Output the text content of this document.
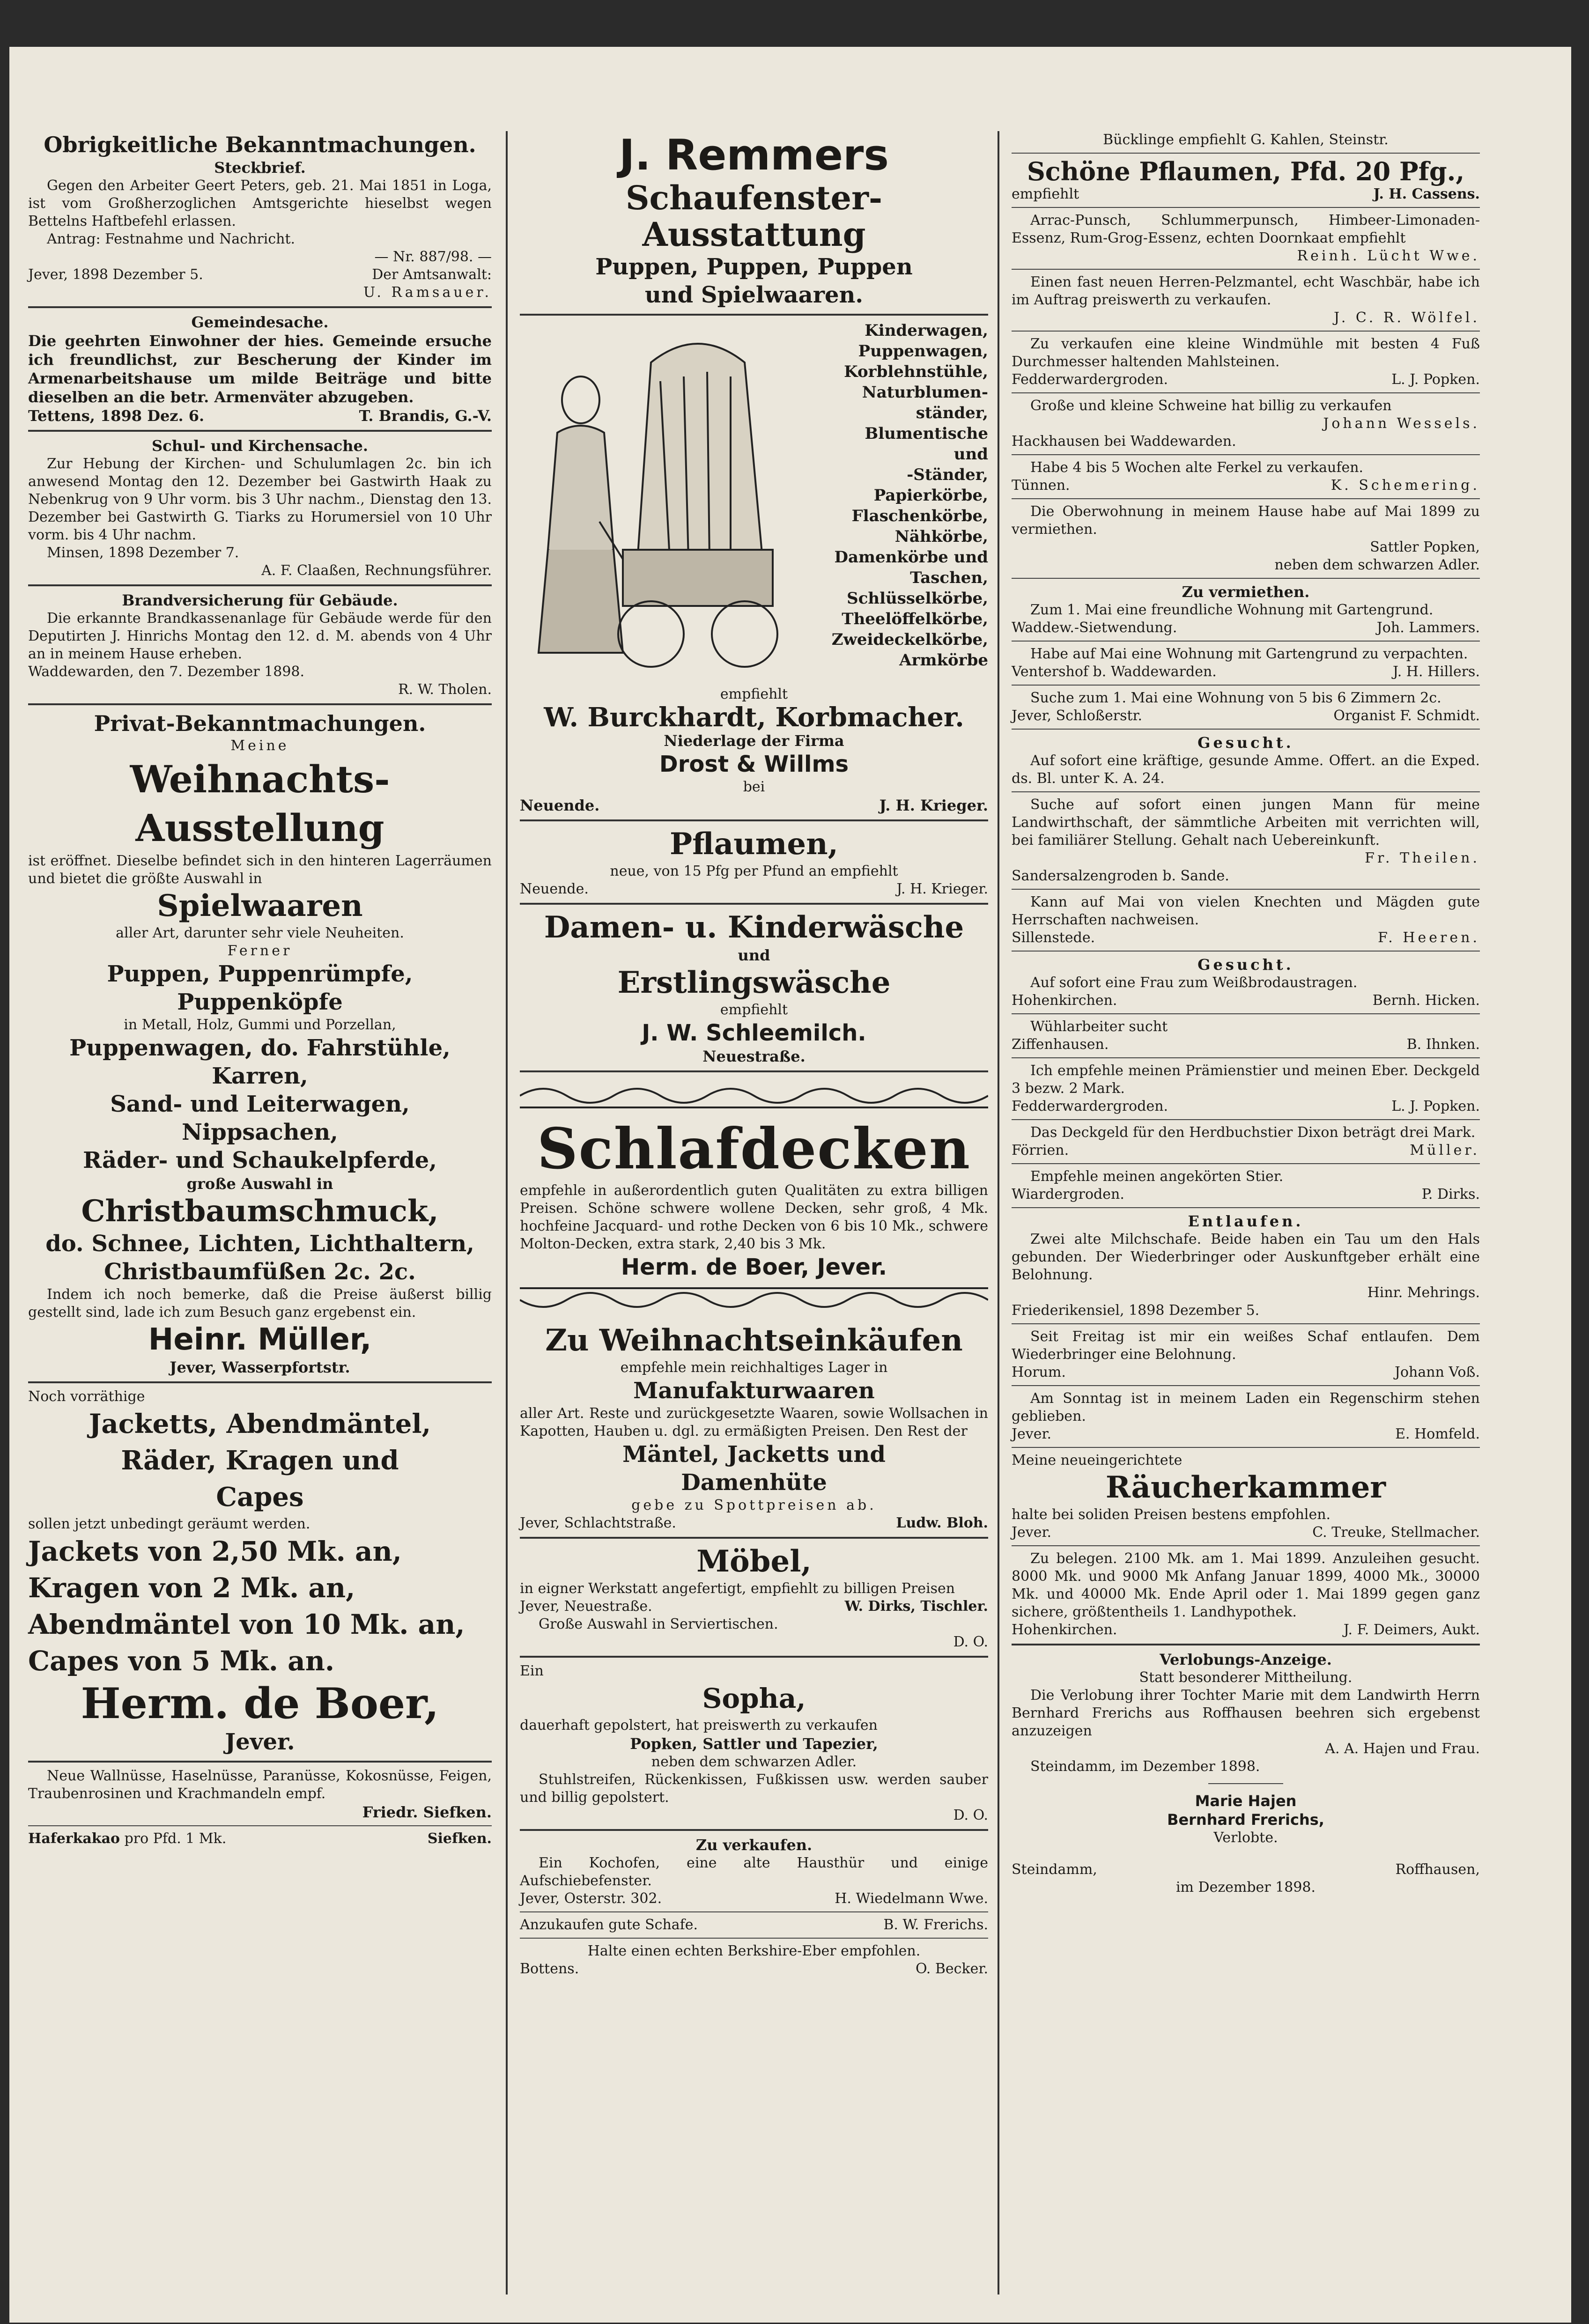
Obrigkeitliche Bekanntmachungen.
Steckbrief.
Gegen den Arbeiter Geert Peters, geb. 21. Mai 1851 in Loga, ist vom Großherzoglichen Amtsgerichte hieselbst wegen Bettelns Haftbefehl erlassen.
Antrag: Festnahme und Nachricht.
— Nr. 887/98. —
Jever, 1898 Dezember 5.	Der Amtsanwalt:
U. Ramsauer.
Gemeindesache.
Die geehrten Einwohner der hies. Gemeinde ersuche ich freundlichst, zur Bescherung der Kinder im Armenarbeitshause um milde Beiträge und bitte dieselben an die betr. Armenväter abzugeben.
Tettens, 1898 Dez. 6.	T. Brandis, G.-V.
Schul- und Kirchensache.
Zur Hebung der Kirchen- und Schulumlagen 2c. bin ich anwesend Montag den 12. Dezember bei Gastwirth Haak zu Nebenkrug von 9 Uhr vorm. bis 3 Uhr nachm., Dienstag den 13. Dezember bei Gastwirth G. Tiarks zu Horumersiel von 10 Uhr vorm. bis 4 Uhr nachm.
Minsen, 1898 Dezember 7.
A. F. Claaßen, Rechnungsführer.
Brandversicherung für Gebäude.
Die erkannte Brandkassenanlage für Gebäude werde für den Deputirten J. Hinrichs Montag den 12. d. M. abends von 4 Uhr an in meinem Hause erheben.
Waddewarden, den 7. Dezember 1898.
R. W. Tholen.
Privat-Bekanntmachungen.
Meine
Weihnachts-Ausstellung
ist eröffnet. Dieselbe befindet sich in den hinteren Lagerräumen und bietet die größte Auswahl in
Spielwaaren
aller Art, darunter sehr viele Neuheiten.
Ferner
Puppen, Puppenrümpfe,
Puppenköpfe
in Metall, Holz, Gummi und Porzellan,
Puppenwagen, do. Fahrstühle, Karren,
Sand- und Leiterwagen,
Nippsachen,
Räder- und Schaukelpferde,
große Auswahl in
Christbaumschmuck,
do. Schnee, Lichten, Lichthaltern,
Christbaumfüßen 2c. 2c.
Indem ich noch bemerke, daß die Preise äußerst billig gestellt sind, lade ich zum Besuch ganz ergebenst ein.
Heinr. Müller,
Jever, Wasserpfortstr.
Noch vorräthige
Jacketts, Abendmäntel,
Räder, Kragen und
Capes
sollen jetzt unbedingt geräumt werden.
Jackets von 2,50 Mk. an,
Kragen von 2 Mk. an,
Abendmäntel von 10 Mk. an,
Capes von 5 Mk. an.
Herm. de Boer,
Jever.
Neue Wallnüsse, Haselnüsse, Paranüsse, Kokosnüsse, Feigen, Traubenrosinen und Krachmandeln empf.
Friedr. Siefken.
Haferkakao pro Pfd. 1 Mk.	Siefken.
J. Remmers
Schaufenster-Ausstattung
Puppen, Puppen, Puppen
und Spielwaaren.
Kinderwagen,
Puppenwagen,
Korblehnstühle,
Naturblumen-
ständer,
Blumentische und
-Ständer,
Papierkörbe,
Flaschenkörbe,
Nähkörbe,
Damenkörbe und
Taschen,
Schlüsselkörbe,
Theelöffelkörbe,
Zweideckelkörbe,
Armkörbe
empfiehlt
W. Burckhardt, Korbmacher.
Niederlage der Firma
Drost & Willms
bei
Neuende.	J. H. Krieger.
Pflaumen,
neue, von 15 Pfg per Pfund an empfiehlt
Neuende.	J. H. Krieger.
Damen- u. Kinderwäsche
und
Erstlingswäsche
empfiehlt
J. W. Schleemilch.
Neuestraße.
Schlafdecken
empfehle in außerordentlich guten Qualitäten zu extra billigen Preisen. Schöne schwere wollene Decken, sehr groß, 4 Mk. hochfeine Jacquard- und rothe Decken von 6 bis 10 Mk., schwere Molton-Decken, extra stark, 2,40 bis 3 Mk.
Herm. de Boer, Jever.
Zu Weihnachtseinkäufen
empfehle mein reichhaltiges Lager in
Manufakturwaaren
aller Art. Reste und zurückgesetzte Waaren, sowie Wollsachen in Kapotten, Hauben u. dgl. zu ermäßigten Preisen. Den Rest der
Mäntel, Jacketts und
Damenhüte
gebe zu Spottpreisen ab.
Jever, Schlachtstraße.	Ludw. Bloh.
Möbel,
in eigner Werkstatt angefertigt, empfiehlt zu billigen Preisen
Jever, Neuestraße.	W. Dirks, Tischler.
Große Auswahl in Serviertischen.
D. O.
Ein
Sopha,
dauerhaft gepolstert, hat preiswerth zu verkaufen
Popken, Sattler und Tapezier,
neben dem schwarzen Adler.
Stuhlstreifen, Rückenkissen, Fußkissen usw. werden sauber und billig gepolstert.
D. O.
Zu verkaufen.
Ein Kochofen, eine alte Hausthür und einige Aufschiebefenster.
Jever, Osterstr. 302.	H. Wiedelmann Wwe.
Anzukaufen gute Schafe.	B. W. Frerichs.
Halte einen echten Berkshire-Eber empfohlen.
Bottens.	O. Becker.
Bücklinge empfiehlt G. Kahlen, Steinstr.
Schöne Pflaumen, Pfd. 20 Pfg.,
empfiehlt	J. H. Cassens.
Arrac-Punsch, Schlummerpunsch, Himbeer-Limonaden-Essenz, Rum-Grog-Essenz, echten Doornkaat empfiehlt
Reinh. Lücht Wwe.
Einen fast neuen Herren-Pelzmantel, echt Waschbär, habe ich im Auftrag preiswerth zu verkaufen.
J. C. R. Wölfel.
Zu verkaufen eine kleine Windmühle mit besten 4 Fuß Durchmesser haltenden Mahlsteinen.
Fedderwardergroden.	L. J. Popken.
Große und kleine Schweine hat billig zu verkaufen
Johann Wessels.
Hackhausen bei Waddewarden.
Habe 4 bis 5 Wochen alte Ferkel zu verkaufen.
Tünnen.	K. Schemering.
Die Oberwohnung in meinem Hause habe auf Mai 1899 zu vermiethen.
Sattler Popken,
neben dem schwarzen Adler.
Zu vermiethen.
Zum 1. Mai eine freundliche Wohnung mit Gartengrund.
Waddew.-Sietwendung.	Joh. Lammers.
Habe auf Mai eine Wohnung mit Gartengrund zu verpachten.
Ventershof b. Waddewarden.	J. H. Hillers.
Suche zum 1. Mai eine Wohnung von 5 bis 6 Zimmern 2c.
Jever, Schloßerstr.	Organist F. Schmidt.
Gesucht.
Auf sofort eine kräftige, gesunde Amme. Offert. an die Exped. ds. Bl. unter K. A. 24.
Suche auf sofort einen jungen Mann für meine Landwirthschaft, der sämmtliche Arbeiten mit verrichten will, bei familiärer Stellung. Gehalt nach Uebereinkunft.
Fr. Theilen.
Sandersalzengroden b. Sande.
Kann auf Mai von vielen Knechten und Mägden gute Herrschaften nachweisen.
Sillenstede.	F. Heeren.
Gesucht.
Auf sofort eine Frau zum Weißbrodaustragen.
Hohenkirchen.	Bernh. Hicken.
Wühlarbeiter sucht
Ziffenhausen.	B. Ihnken.
Ich empfehle meinen Prämienstier und meinen Eber. Deckgeld 3 bezw. 2 Mark.
Fedderwardergroden.	L. J. Popken.
Das Deckgeld für den Herdbuchstier Dixon beträgt drei Mark.
Förrien.	Müller.
Empfehle meinen angekörten Stier.
Wiardergroden.	P. Dirks.
Entlaufen.
Zwei alte Milchschafe. Beide haben ein Tau um den Hals gebunden. Der Wiederbringer oder Auskunftgeber erhält eine Belohnung.
Hinr. Mehrings.
Friederikensiel, 1898 Dezember 5.
Seit Freitag ist mir ein weißes Schaf entlaufen. Dem Wiederbringer eine Belohnung.
Horum.	Johann Voß.
Am Sonntag ist in meinem Laden ein Regenschirm stehen geblieben.
Jever.	E. Homfeld.
Meine neueingerichtete
Räucherkammer
halte bei soliden Preisen bestens empfohlen.
Jever.	C. Treuke, Stellmacher.
Zu belegen. 2100 Mk. am 1. Mai 1899. Anzuleihen gesucht. 8000 Mk. und 9000 Mk Anfang Januar 1899, 4000 Mk., 30000 Mk. und 40000 Mk. Ende April oder 1. Mai 1899 gegen ganz sichere, größtentheils 1. Landhypothek.
Hohenkirchen.	J. F. Deimers, Aukt.
Verlobungs-Anzeige.
Statt besonderer Mittheilung.
Die Verlobung ihrer Tochter Marie mit dem Landwirth Herrn Bernhard Frerichs aus Roffhausen beehren sich ergebenst anzuzeigen
A. A. Hajen und Frau.
Steindamm, im Dezember 1898.
Marie Hajen
Bernhard Frerichs,
Verlobte.
Steindamm,	Roffhausen,
im Dezember 1898.
